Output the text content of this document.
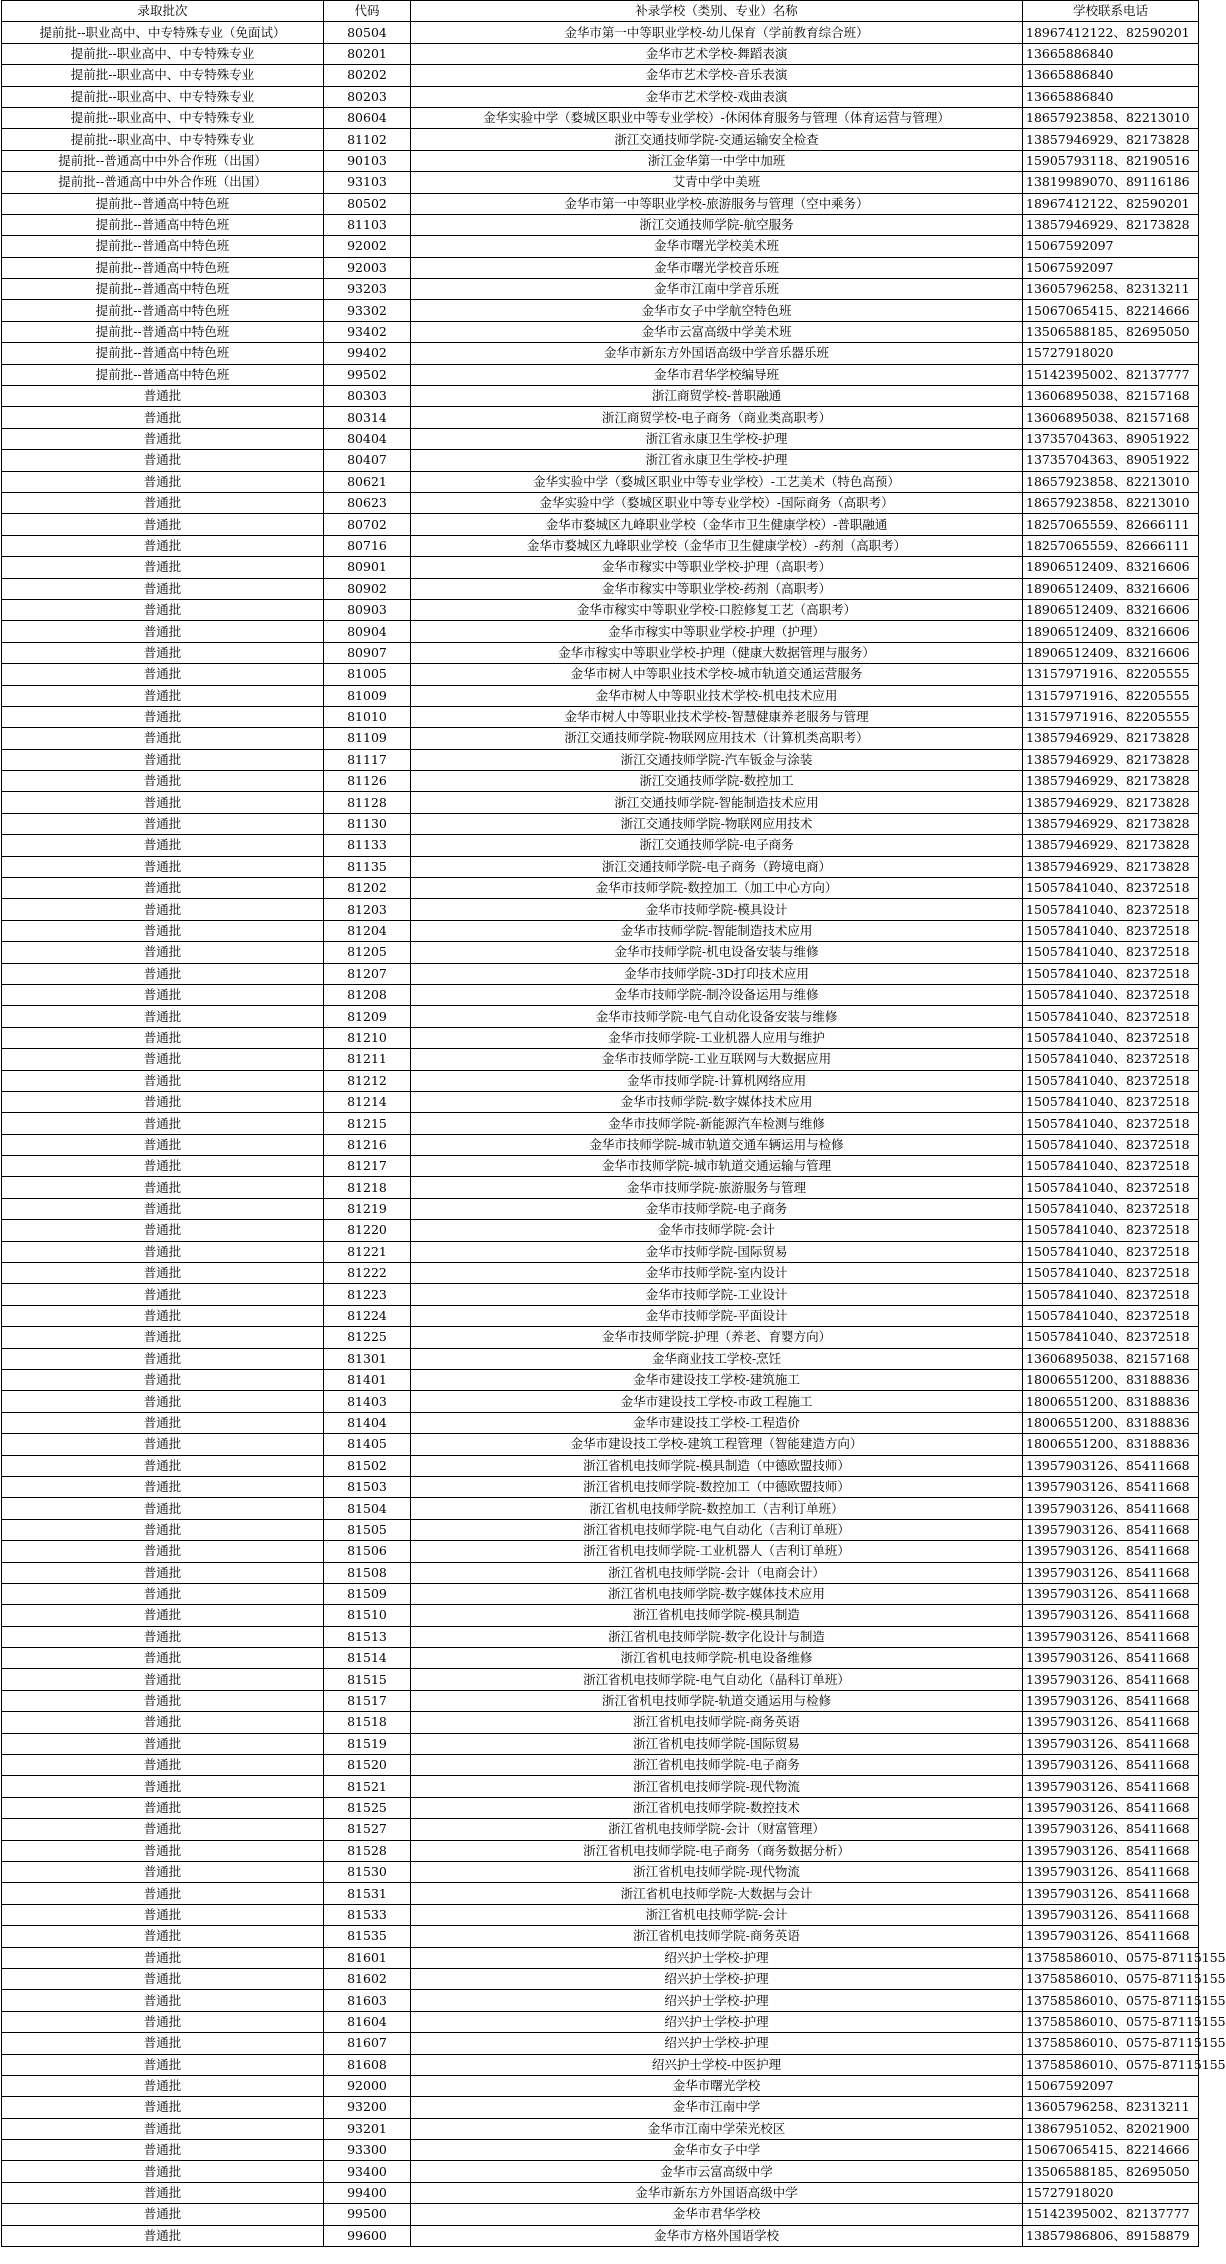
录取批次	代码	补录学校（类别、专业）名称	学校联系电话
提前批--职业高中、中专特殊专业（免面试）	80504	金华市第一中等职业学校-幼儿保育（学前教育综合班）	18967412122、82590201
提前批--职业高中、中专特殊专业	80201	金华市艺术学校-舞蹈表演	13665886840
提前批--职业高中、中专特殊专业	80202	金华市艺术学校-音乐表演	13665886840
提前批--职业高中、中专特殊专业	80203	金华市艺术学校-戏曲表演	13665886840
提前批--职业高中、中专特殊专业	80604	金华实验中学（婺城区职业中等专业学校）-休闲体育服务与管理（体育运营与管理）	18657923858、82213010
提前批--职业高中、中专特殊专业	81102	浙江交通技师学院-交通运输安全检查	13857946929、82173828
提前批--普通高中中外合作班（出国）	90103	浙江金华第一中学中加班	15905793118、82190516
提前批--普通高中中外合作班（出国）	93103	艾青中学中美班	13819989070、89116186
提前批--普通高中特色班	80502	金华市第一中等职业学校-旅游服务与管理（空中乘务）	18967412122、82590201
提前批--普通高中特色班	81103	浙江交通技师学院-航空服务	13857946929、82173828
提前批--普通高中特色班	92002	金华市曙光学校美术班	15067592097
提前批--普通高中特色班	92003	金华市曙光学校音乐班	15067592097
提前批--普通高中特色班	93203	金华市江南中学音乐班	13605796258、82313211
提前批--普通高中特色班	93302	金华市女子中学航空特色班	15067065415、82214666
提前批--普通高中特色班	93402	金华市云富高级中学美术班	13506588185、82695050
提前批--普通高中特色班	99402	金华市新东方外国语高级中学音乐器乐班	15727918020
提前批--普通高中特色班	99502	金华市君华学校编导班	15142395002、82137777
普通批	80303	浙江商贸学校-普职融通	13606895038、82157168
普通批	80314	浙江商贸学校-电子商务（商业类高职考）	13606895038、82157168
普通批	80404	浙江省永康卫生学校-护理	13735704363、89051922
普通批	80407	浙江省永康卫生学校-护理	13735704363、89051922
普通批	80621	金华实验中学（婺城区职业中等专业学校）-工艺美术（特色高预）	18657923858、82213010
普通批	80623	金华实验中学（婺城区职业中等专业学校）-国际商务（高职考）	18657923858、82213010
普通批	80702	金华市婺城区九峰职业学校（金华市卫生健康学校）-普职融通	18257065559、82666111
普通批	80716	金华市婺城区九峰职业学校（金华市卫生健康学校）-药剂（高职考）	18257065559、82666111
普通批	80901	金华市稼实中等职业学校-护理（高职考）	18906512409、83216606
普通批	80902	金华市稼实中等职业学校-药剂（高职考）	18906512409、83216606
普通批	80903	金华市稼实中等职业学校-口腔修复工艺（高职考）	18906512409、83216606
普通批	80904	金华市稼实中等职业学校-护理（护理）	18906512409、83216606
普通批	80907	金华市稼实中等职业学校-护理（健康大数据管理与服务）	18906512409、83216606
普通批	81005	金华市树人中等职业技术学校-城市轨道交通运营服务	13157971916、82205555
普通批	81009	金华市树人中等职业技术学校-机电技术应用	13157971916、82205555
普通批	81010	金华市树人中等职业技术学校-智慧健康养老服务与管理	13157971916、82205555
普通批	81109	浙江交通技师学院-物联网应用技术（计算机类高职考）	13857946929、82173828
普通批	81117	浙江交通技师学院-汽车钣金与涂装	13857946929、82173828
普通批	81126	浙江交通技师学院-数控加工	13857946929、82173828
普通批	81128	浙江交通技师学院-智能制造技术应用	13857946929、82173828
普通批	81130	浙江交通技师学院-物联网应用技术	13857946929、82173828
普通批	81133	浙江交通技师学院-电子商务	13857946929、82173828
普通批	81135	浙江交通技师学院-电子商务（跨境电商）	13857946929、82173828
普通批	81202	金华市技师学院-数控加工（加工中心方向）	15057841040、82372518
普通批	81203	金华市技师学院-模具设计	15057841040、82372518
普通批	81204	金华市技师学院-智能制造技术应用	15057841040、82372518
普通批	81205	金华市技师学院-机电设备安装与维修	15057841040、82372518
普通批	81207	金华市技师学院-3D打印技术应用	15057841040、82372518
普通批	81208	金华市技师学院-制冷设备运用与维修	15057841040、82372518
普通批	81209	金华市技师学院-电气自动化设备安装与维修	15057841040、82372518
普通批	81210	金华市技师学院-工业机器人应用与维护	15057841040、82372518
普通批	81211	金华市技师学院-工业互联网与大数据应用	15057841040、82372518
普通批	81212	金华市技师学院-计算机网络应用	15057841040、82372518
普通批	81214	金华市技师学院-数字媒体技术应用	15057841040、82372518
普通批	81215	金华市技师学院-新能源汽车检测与维修	15057841040、82372518
普通批	81216	金华市技师学院-城市轨道交通车辆运用与检修	15057841040、82372518
普通批	81217	金华市技师学院-城市轨道交通运输与管理	15057841040、82372518
普通批	81218	金华市技师学院-旅游服务与管理	15057841040、82372518
普通批	81219	金华市技师学院-电子商务	15057841040、82372518
普通批	81220	金华市技师学院-会计	15057841040、82372518
普通批	81221	金华市技师学院-国际贸易	15057841040、82372518
普通批	81222	金华市技师学院-室内设计	15057841040、82372518
普通批	81223	金华市技师学院-工业设计	15057841040、82372518
普通批	81224	金华市技师学院-平面设计	15057841040、82372518
普通批	81225	金华市技师学院-护理（养老、育婴方向）	15057841040、82372518
普通批	81301	金华商业技工学校-烹饪	13606895038、82157168
普通批	81401	金华市建设技工学校-建筑施工	18006551200、83188836
普通批	81403	金华市建设技工学校-市政工程施工	18006551200、83188836
普通批	81404	金华市建设技工学校-工程造价	18006551200、83188836
普通批	81405	金华市建设技工学校-建筑工程管理（智能建造方向）	18006551200、83188836
普通批	81502	浙江省机电技师学院-模具制造（中德欧盟技师）	13957903126、85411668
普通批	81503	浙江省机电技师学院-数控加工（中德欧盟技师）	13957903126、85411668
普通批	81504	浙江省机电技师学院-数控加工（吉利订单班）	13957903126、85411668
普通批	81505	浙江省机电技师学院-电气自动化（吉利订单班）	13957903126、85411668
普通批	81506	浙江省机电技师学院-工业机器人（吉利订单班）	13957903126、85411668
普通批	81508	浙江省机电技师学院-会计（电商会计）	13957903126、85411668
普通批	81509	浙江省机电技师学院-数字媒体技术应用	13957903126、85411668
普通批	81510	浙江省机电技师学院-模具制造	13957903126、85411668
普通批	81513	浙江省机电技师学院-数字化设计与制造	13957903126、85411668
普通批	81514	浙江省机电技师学院-机电设备维修	13957903126、85411668
普通批	81515	浙江省机电技师学院-电气自动化（晶科订单班）	13957903126、85411668
普通批	81517	浙江省机电技师学院-轨道交通运用与检修	13957903126、85411668
普通批	81518	浙江省机电技师学院-商务英语	13957903126、85411668
普通批	81519	浙江省机电技师学院-国际贸易	13957903126、85411668
普通批	81520	浙江省机电技师学院-电子商务	13957903126、85411668
普通批	81521	浙江省机电技师学院-现代物流	13957903126、85411668
普通批	81525	浙江省机电技师学院-数控技术	13957903126、85411668
普通批	81527	浙江省机电技师学院-会计（财富管理）	13957903126、85411668
普通批	81528	浙江省机电技师学院-电子商务（商务数据分析）	13957903126、85411668
普通批	81530	浙江省机电技师学院-现代物流	13957903126、85411668
普通批	81531	浙江省机电技师学院-大数据与会计	13957903126、85411668
普通批	81533	浙江省机电技师学院-会计	13957903126、85411668
普通批	81535	浙江省机电技师学院-商务英语	13957903126、85411668
普通批	81601	绍兴护士学校-护理	13758586010、0575-87115155
普通批	81602	绍兴护士学校-护理	13758586010、0575-87115155
普通批	81603	绍兴护士学校-护理	13758586010、0575-87115155
普通批	81604	绍兴护士学校-护理	13758586010、0575-87115155
普通批	81607	绍兴护士学校-护理	13758586010、0575-87115155
普通批	81608	绍兴护士学校-中医护理	13758586010、0575-87115155
普通批	92000	金华市曙光学校	15067592097
普通批	93200	金华市江南中学	13605796258、82313211
普通批	93201	金华市江南中学荣光校区	13867951052、82021900
普通批	93300	金华市女子中学	15067065415、82214666
普通批	93400	金华市云富高级中学	13506588185、82695050
普通批	99400	金华市新东方外国语高级中学	15727918020
普通批	99500	金华市君华学校	15142395002、82137777
普通批	99600	金华市方格外国语学校	13857986806、89158879
